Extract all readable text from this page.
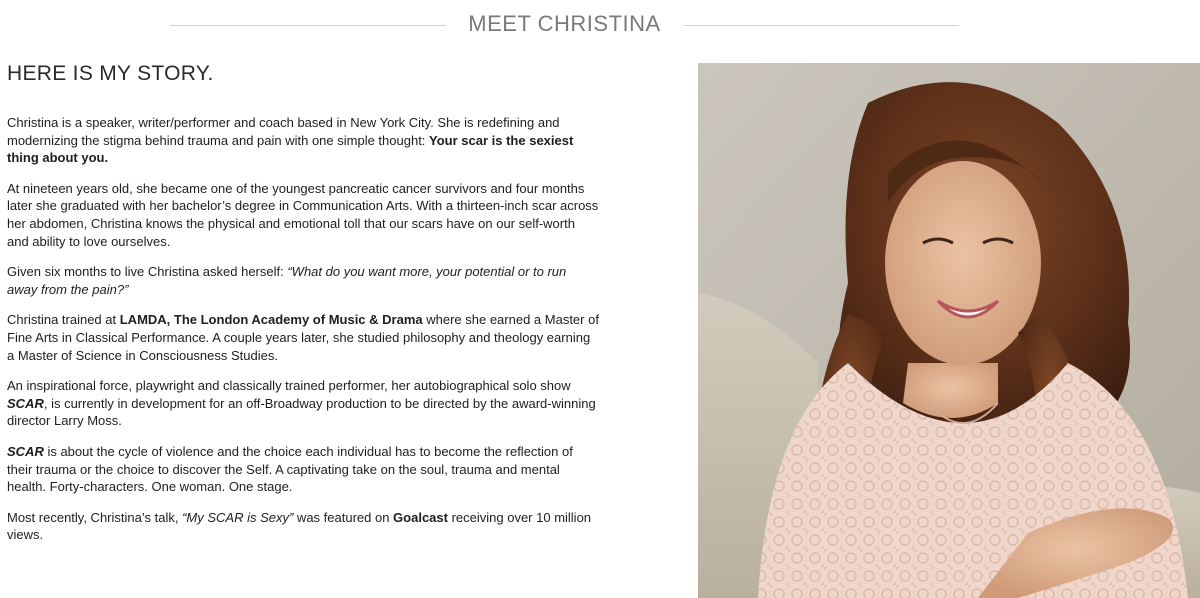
MEET CHRISTINA
HERE IS MY STORY.

Christina is a speaker, writer/performer and coach based in New York City. She is redefining and modernizing the stigma behind trauma and pain with one simple thought: Your scar is the sexiest thing about you.

At nineteen years old, she became one of the youngest pancreatic cancer survivors and four months later she graduated with her bachelor’s degree in Communication Arts. With a thirteen-inch scar across her abdomen, Christina knows the physical and emotional toll that our scars have on our self-worth and ability to love ourselves.

Given six months to live Christina asked herself: “What do you want more, your potential or to run away from the pain?”

Christina trained at LAMDA, The London Academy of Music & Drama where she earned a Master of Fine Arts in Classical Performance. A couple years later, she studied philosophy and theology earning a Master of Science in Consciousness Studies.

An inspirational force, playwright and classically trained performer, her autobiographical solo show SCAR, is currently in development for an off-Broadway production to be directed by the award-winning director Larry Moss.

SCAR is about the cycle of violence and the choice each individual has to become the reflection of their trauma or the choice to discover the Self. A captivating take on the soul, trauma and mental health. Forty-characters. One woman. One stage.

Most recently, Christina’s talk, “My SCAR is Sexy” was featured on Goalcast receiving over 10 million views.
